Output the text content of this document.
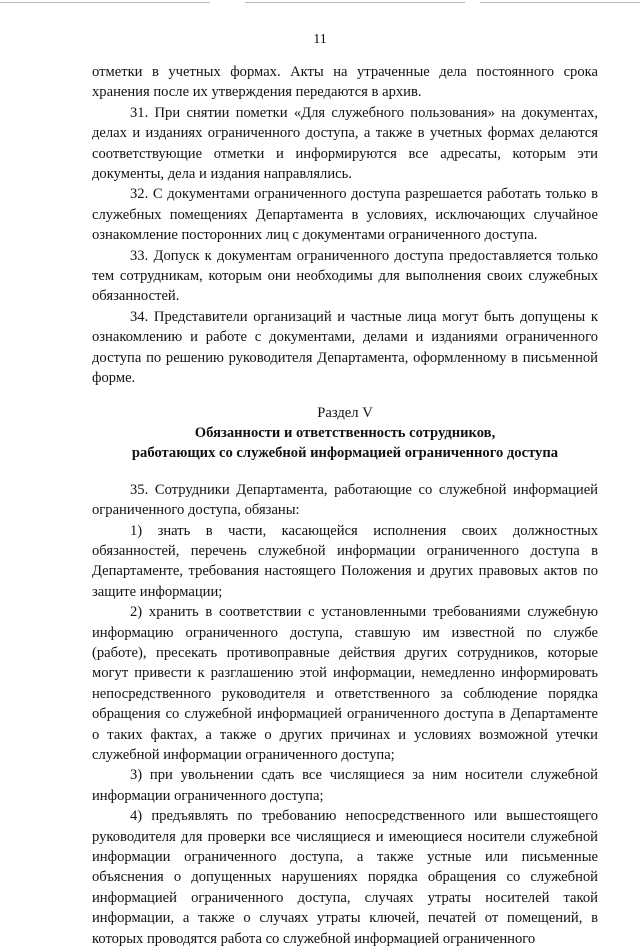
11

отметки в учетных формах. Акты на утраченные дела постоянного срока хранения после их утверждения передаются в архив.

31. При снятии пометки «Для служебного пользования» на документах, делах и изданиях ограниченного доступа, а также в учетных формах делаются соответствующие отметки и информируются все адресаты, которым эти документы, дела и издания направлялись.

32. С документами ограниченного доступа разрешается работать только в служебных помещениях Департамента в условиях, исключающих случайное ознакомление посторонних лиц с документами ограниченного доступа.

33. Допуск к документам ограниченного доступа предоставляется только тем сотрудникам, которым они необходимы для выполнения своих служебных обязанностей.

34. Представители организаций и частные лица могут быть допущены к ознакомлению и работе с документами, делами и изданиями ограниченного доступа по решению руководителя Департамента, оформленному в письменной форме.

Раздел V
Обязанности и ответственность сотрудников,
работающих со служебной информацией ограниченного доступа

35. Сотрудники Департамента, работающие со служебной информацией ограниченного доступа, обязаны:

1) знать в части, касающейся исполнения своих должностных обязанностей, перечень служебной информации ограниченного доступа в Департаменте, требования настоящего Положения и других правовых актов по защите информации;

2) хранить в соответствии с установленными требованиями служебную информацию ограниченного доступа, ставшую им известной по службе (работе), пресекать противоправные действия других сотрудников, которые могут привести к разглашению этой информации, немедленно информировать непосредственного руководителя и ответственного за соблюдение порядка обращения со служебной информацией ограниченного доступа в Департаменте о таких фактах, а также о других причинах и условиях возможной утечки служебной информации ограниченного доступа;

3) при увольнении сдать все числящиеся за ним носители служебной информации ограниченного доступа;

4) предъявлять по требованию непосредственного или вышестоящего руководителя для проверки все числящиеся и имеющиеся носители служебной информации ограниченного доступа, а также устные или письменные объяснения о допущенных нарушениях порядка обращения со служебной информацией ограниченного доступа, случаях утраты носителей такой информации, а также о случаях утраты ключей, печатей от помещений, в которых проводятся работа со служебной информацией ограниченного
